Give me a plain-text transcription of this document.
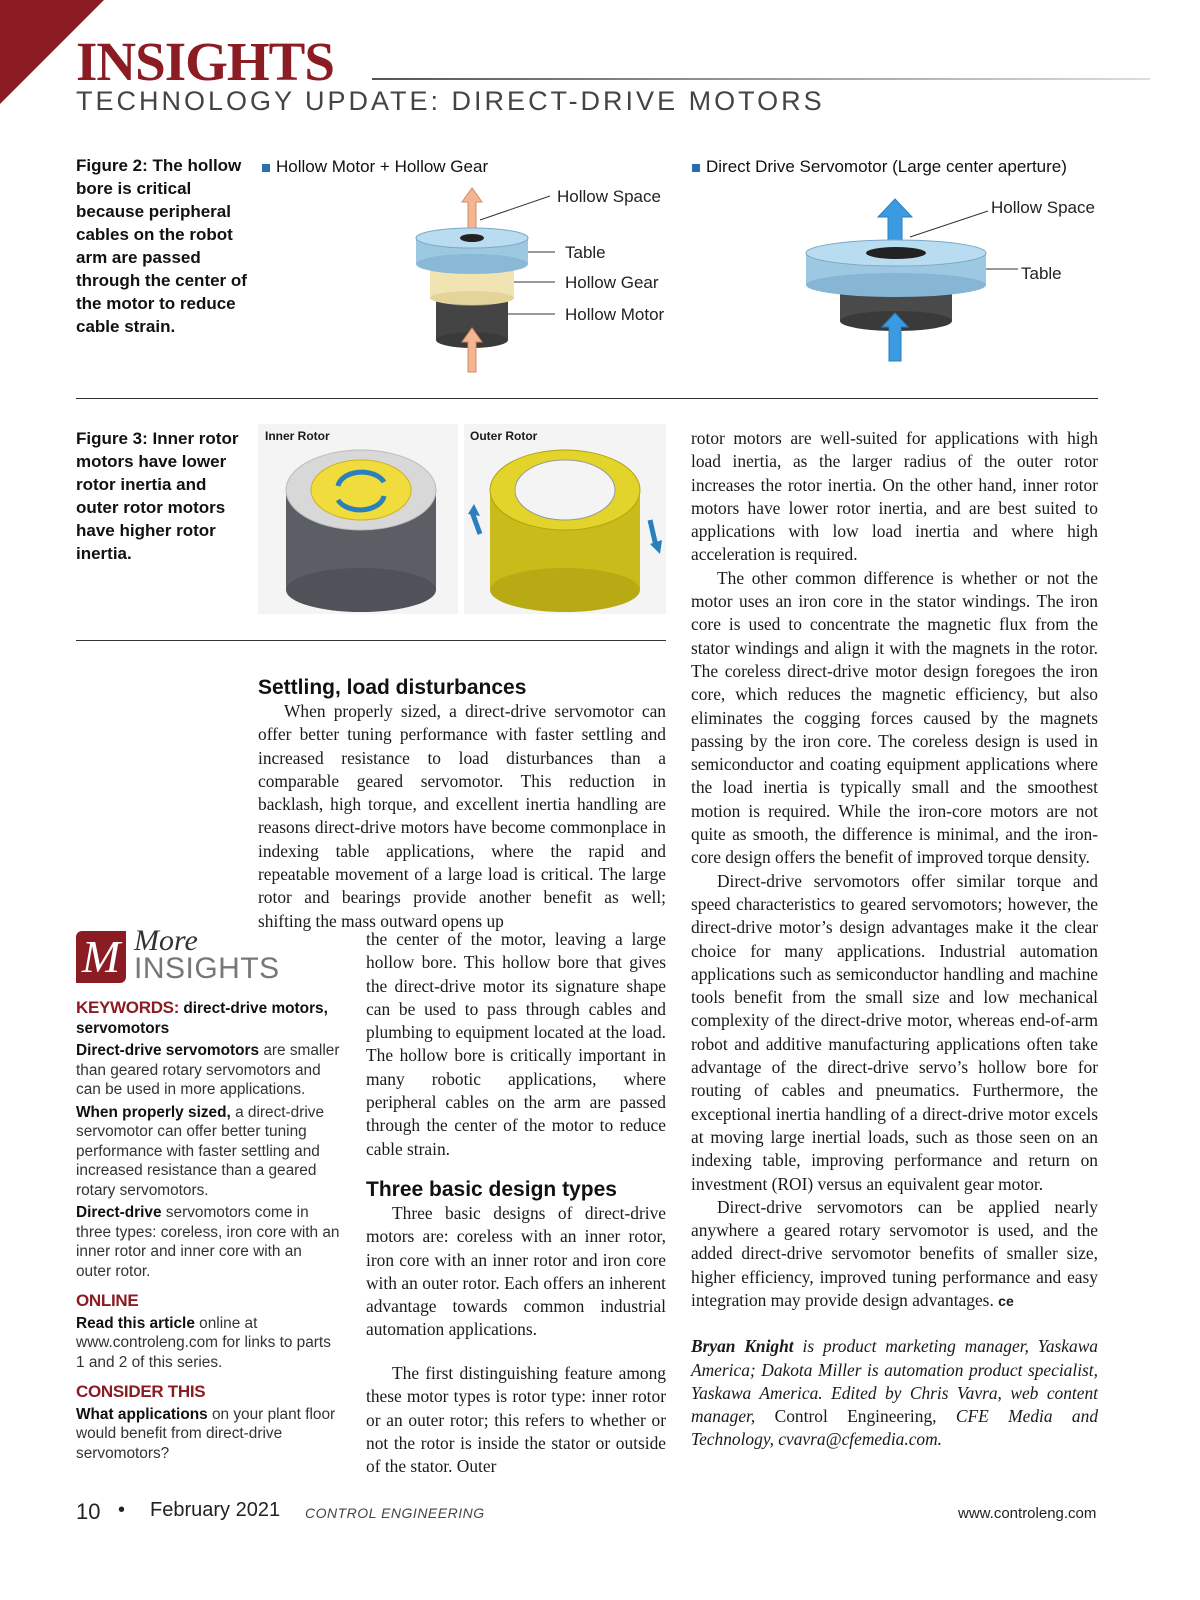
INSIGHTS
TECHNOLOGY UPDATE: DIRECT-DRIVE MOTORS
Figure 2: The hollow bore is critical because peripheral cables on the robot arm are passed through the center of the motor to reduce cable strain.
Hollow Motor + Hollow Gear	Direct Drive Servomotor (Large center aperture)
Hollow Space
Table
Hollow Gear
Hollow Motor
Hollow Space
Table
Figure 3: Inner rotor motors have lower rotor inertia and outer rotor motors have higher rotor inertia.
Inner Rotor	Outer Rotor
Settling, load disturbances

When properly sized, a direct-drive servomotor can offer better tuning performance with faster settling and increased resistance to load disturbances than a comparable geared servomotor. This reduction in backlash, high torque, and excellent inertia handling are reasons direct-drive motors have become commonplace in indexing table applications, where the rapid and repeatable movement of a large load is critical. The large rotor and bearings provide another benefit as well; shifting the mass outward opens up

the center of the motor, leaving a large hollow bore. This hollow bore that gives the direct-drive motor its signature shape can be used to pass through cables and plumbing to equipment located at the load. The hollow bore is critically important in many robotic applications, where peripheral cables on the arm are passed through the center of the motor to reduce cable strain.

Three basic design types

Three basic designs of direct-drive motors are: coreless with an inner rotor, iron core with an inner rotor and iron core with an outer rotor. Each offers an inherent advantage towards common industrial automation applications.

The first distinguishing feature among these motor types is rotor type: inner rotor or an outer rotor; this refers to whether or not the rotor is inside the stator or outside of the stator. Outer

rotor motors are well-suited for applications with high load inertia, as the larger radius of the outer rotor increases the rotor inertia. On the other hand, inner rotor motors have lower rotor inertia, and are best suited to applications with low load inertia and where high acceleration is required.

The other common difference is whether or not the motor uses an iron core in the stator windings. The iron core is used to concentrate the magnetic flux from the stator windings and align it with the magnets in the rotor. The coreless direct-drive motor design foregoes the iron core, which reduces the magnetic efficiency, but also eliminates the cogging forces caused by the magnets passing by the iron core. The coreless design is used in semiconductor and coating equipment applications where the load inertia is typically small and the smoothest motion is required. While the iron-core motors are not quite as smooth, the difference is minimal, and the iron-core design offers the benefit of improved torque density.

Direct-drive servomotors offer similar torque and speed characteristics to geared servomotors; however, the direct-drive motor’s design advantages make it the clear choice for many applications. Industrial automation applications such as semiconductor handling and machine tools benefit from the small size and low mechanical complexity of the direct-drive motor, whereas end-of-arm robot and additive manufacturing applications often take advantage of the direct-drive servo’s hollow bore for routing of cables and pneumatics. Furthermore, the exceptional inertia handling of a direct-drive motor excels at moving large inertial loads, such as those seen on an indexing table, improving performance and return on investment (ROI) versus an equivalent gear motor.

Direct-drive servomotors can be applied nearly anywhere a geared rotary servomotor is used, and the added direct-drive servomotor benefits of smaller size, higher efficiency, improved tuning performance and easy integration may provide design advantages. ce

Bryan Knight is product marketing manager, Yaskawa America; Dakota Miller is automation product specialist, Yaskawa America. Edited by Chris Vavra, web content manager, Control Engineering, CFE Media and Technology, cvavra@cfemedia.com.

M More
INSIGHTS
KEYWORDS: direct-drive motors, servomotors
Direct-drive servomotors are smaller than geared rotary servomotors and can be used in more applications.
When properly sized, a direct-drive servomotor can offer better tuning performance with faster settling and increased resistance than a geared rotary servomotors.
Direct-drive servomotors come in three types: coreless, iron core with an inner rotor and inner core with an outer rotor.
ONLINE
Read this article online at www.controleng.com for links to parts 1 and 2 of this series.
CONSIDER THIS
What applications on your plant floor would benefit from direct-drive servomotors?
10 • February 2021 CONTROL ENGINEERING	www.controleng.com
